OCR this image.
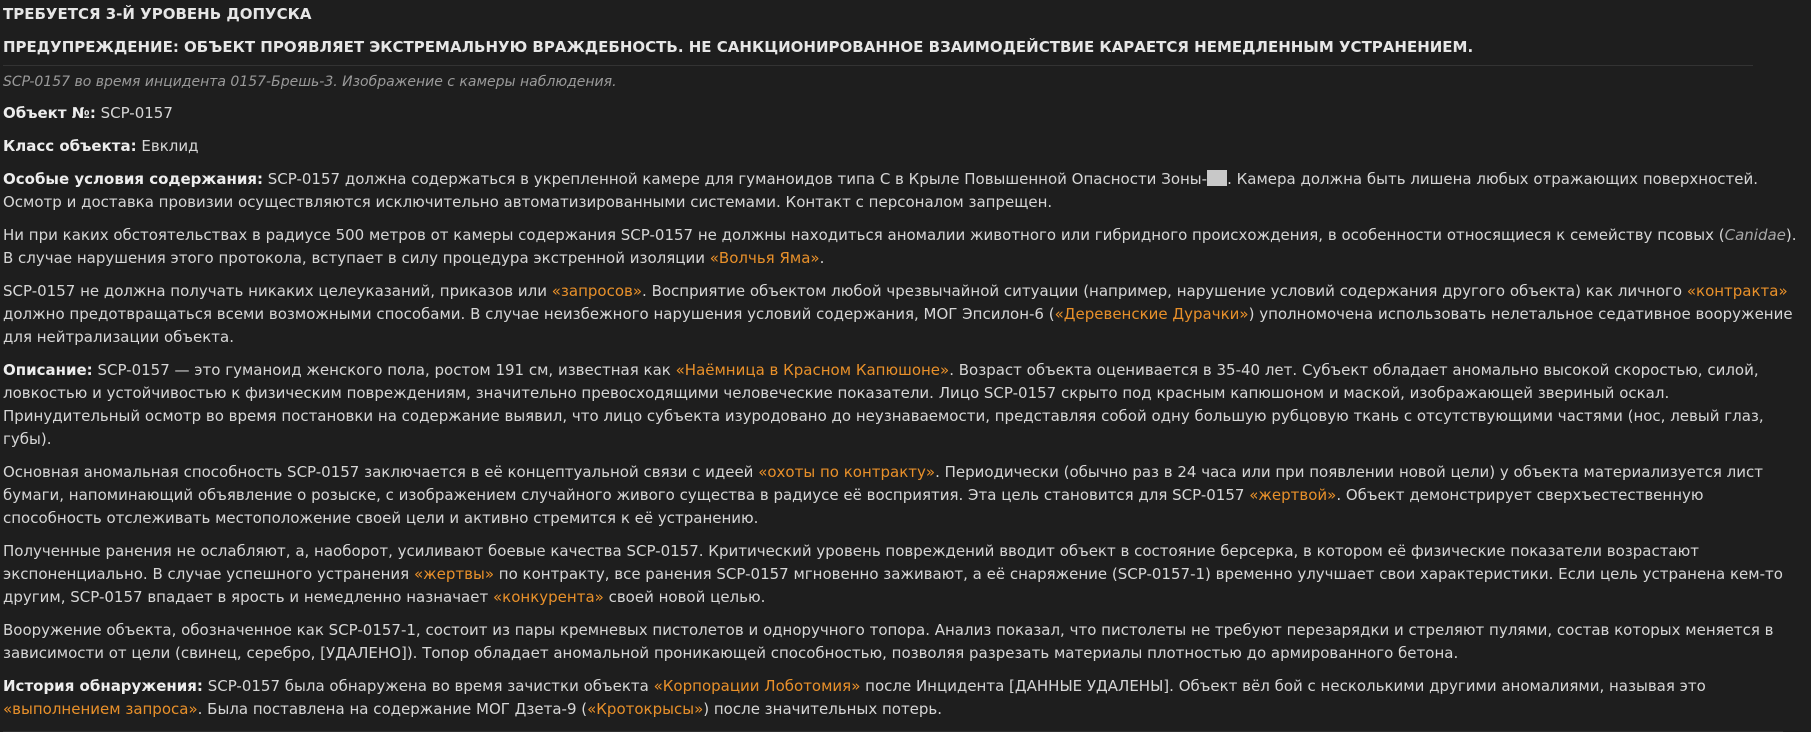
ТРЕБУЕТСЯ 3-Й УРОВЕНЬ ДОПУСКА

ПРЕДУПРЕЖДЕНИЕ: ОБЪЕКТ ПРОЯВЛЯЕТ ЭКСТРЕМАЛЬНУЮ ВРАЖДЕБНОСТЬ. НЕ САНКЦИОНИРОВАННОЕ ВЗАИМОДЕЙСТВИЕ КАРАЕТСЯ НЕМЕДЛЕННЫМ УСТРАНЕНИЕМ.

SCP-0157 во время инцидента 0157-Брешь-3. Изображение с камеры наблюдения.

Объект №: SCP-0157

Класс объекта: Евклид

Особые условия содержания: SCP-0157 должна содержаться в укрепленной камере для гуманоидов типа C в Крыле Повышенной Опасности Зоны- . Камера должна быть лишена любых отражающих поверхностей. Осмотр и доставка провизии осуществляются исключительно автоматизированными системами. Контакт с персоналом запрещен.

Ни при каких обстоятельствах в радиусе 500 метров от камеры содержания SCP-0157 не должны находиться аномалии животного или гибридного происхождения, в особенности относящиеся к семейству псовых (Canidae). В случае нарушения этого протокола, вступает в силу процедура экстренной изоляции «Волчья Яма».

SCP-0157 не должна получать никаких целеуказаний, приказов или «запросов». Восприятие объектом любой чрезвычайной ситуации (например, нарушение условий содержания другого объекта) как личного «контракта» должно предотвращаться всеми возможными способами. В случае неизбежного нарушения условий содержания, МОГ Эпсилон-6 («Деревенские Дурачки») уполномочена использовать нелетальное седативное вооружение для нейтрализации объекта.

Описание: SCP-0157 — это гуманоид женского пола, ростом 191 см, известная как «Наёмница в Красном Капюшоне». Возраст объекта оценивается в 35-40 лет. Субъект обладает аномально высокой скоростью, силой, ловкостью и устойчивостью к физическим повреждениям, значительно превосходящими человеческие показатели. Лицо SCP-0157 скрыто под красным капюшоном и маской, изображающей звериный оскал. Принудительный осмотр во время постановки на содержание выявил, что лицо субъекта изуродовано до неузнаваемости, представляя собой одну большую рубцовую ткань с отсутствующими частями (нос, левый глаз, губы).

Основная аномальная способность SCP-0157 заключается в её концептуальной связи с идеей «охоты по контракту». Периодически (обычно раз в 24 часа или при появлении новой цели) у объекта материализуется лист бумаги, напоминающий объявление о розыске, с изображением случайного живого существа в радиусе её восприятия. Эта цель становится для SCP-0157 «жертвой». Объект демонстрирует сверхъестественную способность отслеживать местоположение своей цели и активно стремится к её устранению.

Полученные ранения не ослабляют, а, наоборот, усиливают боевые качества SCP-0157. Критический уровень повреждений вводит объект в состояние берсерка, в котором её физические показатели возрастают экспоненциально. В случае успешного устранения «жертвы» по контракту, все ранения SCP-0157 мгновенно заживают, а её снаряжение (SCP-0157-1) временно улучшает свои характеристики. Если цель устранена кем-то другим, SCP-0157 впадает в ярость и немедленно назначает «конкурента» своей новой целью.

Вооружение объекта, обозначенное как SCP-0157-1, состоит из пары кремневых пистолетов и одноручного топора. Анализ показал, что пистолеты не требуют перезарядки и стреляют пулями, состав которых меняется в зависимости от цели (свинец, серебро, [УДАЛЕНО]). Топор обладает аномальной проникающей способностью, позволяя разрезать материалы плотностью до армированного бетона.

История обнаружения: SCP-0157 была обнаружена во время зачистки объекта «Корпорации Лоботомия» после Инцидента [ДАННЫЕ УДАЛЕНЫ]. Объект вёл бой с несколькими другими аномалиями, называя это «выполнением запроса». Была поставлена на содержание МОГ Дзета-9 («Кротокрысы») после значительных потерь.
